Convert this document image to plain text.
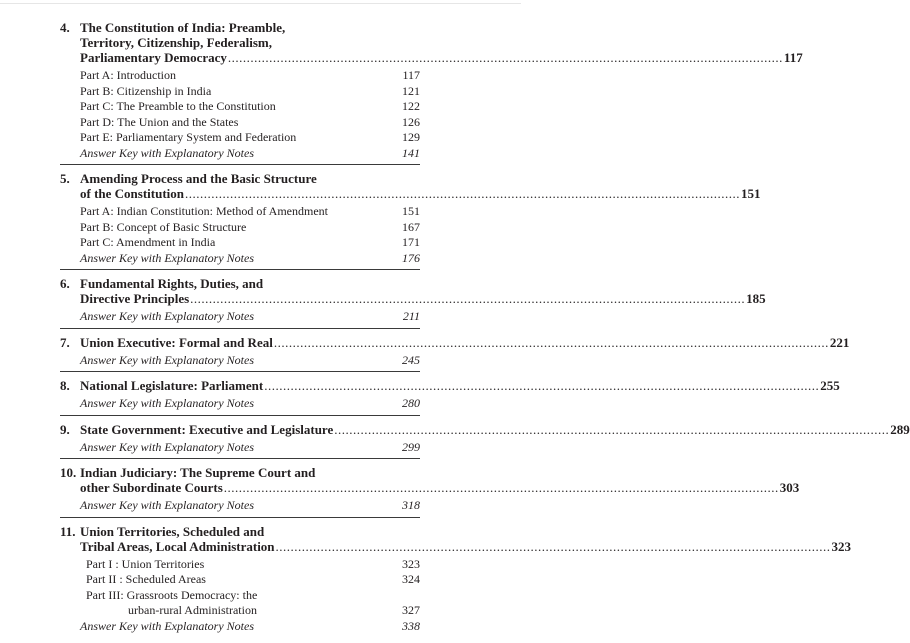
4. The Constitution of India: Preamble,
Territory, Citizenship, Federalism,
Parliamentary Democracy .....	117
Part A: Introduction	117
Part B: Citizenship in India	121
Part C: The Preamble to the Constitution	122
Part D: The Union and the States	126
Part E: Parliamentary System and Federation	129
Answer Key with Explanatory Notes	141
5. Amending Process and the Basic Structure
of the Constitution .....	151
Part A: Indian Constitution: Method of Amendment	151
Part B: Concept of Basic Structure	167
Part C: Amendment in India	171
Answer Key with Explanatory Notes	176
6. Fundamental Rights, Duties, and
Directive Principles .....	185
Answer Key with Explanatory Notes	211
7. Union Executive: Formal and Real .....	221
Answer Key with Explanatory Notes	245
8. National Legislature: Parliament .....	255
Answer Key with Explanatory Notes	280
9. State Government: Executive and Legislature .....	289
Answer Key with Explanatory Notes	299
10. Indian Judiciary: The Supreme Court and
other Subordinate Courts .....	303
Answer Key with Explanatory Notes	318
11. Union Territories, Scheduled and
Tribal Areas, Local Administration .....	323
Part I : Union Territories	323
Part II : Scheduled Areas	324
Part III: Grassroots Democracy: the
urban-rural Administration	327
Answer Key with Explanatory Notes	338
